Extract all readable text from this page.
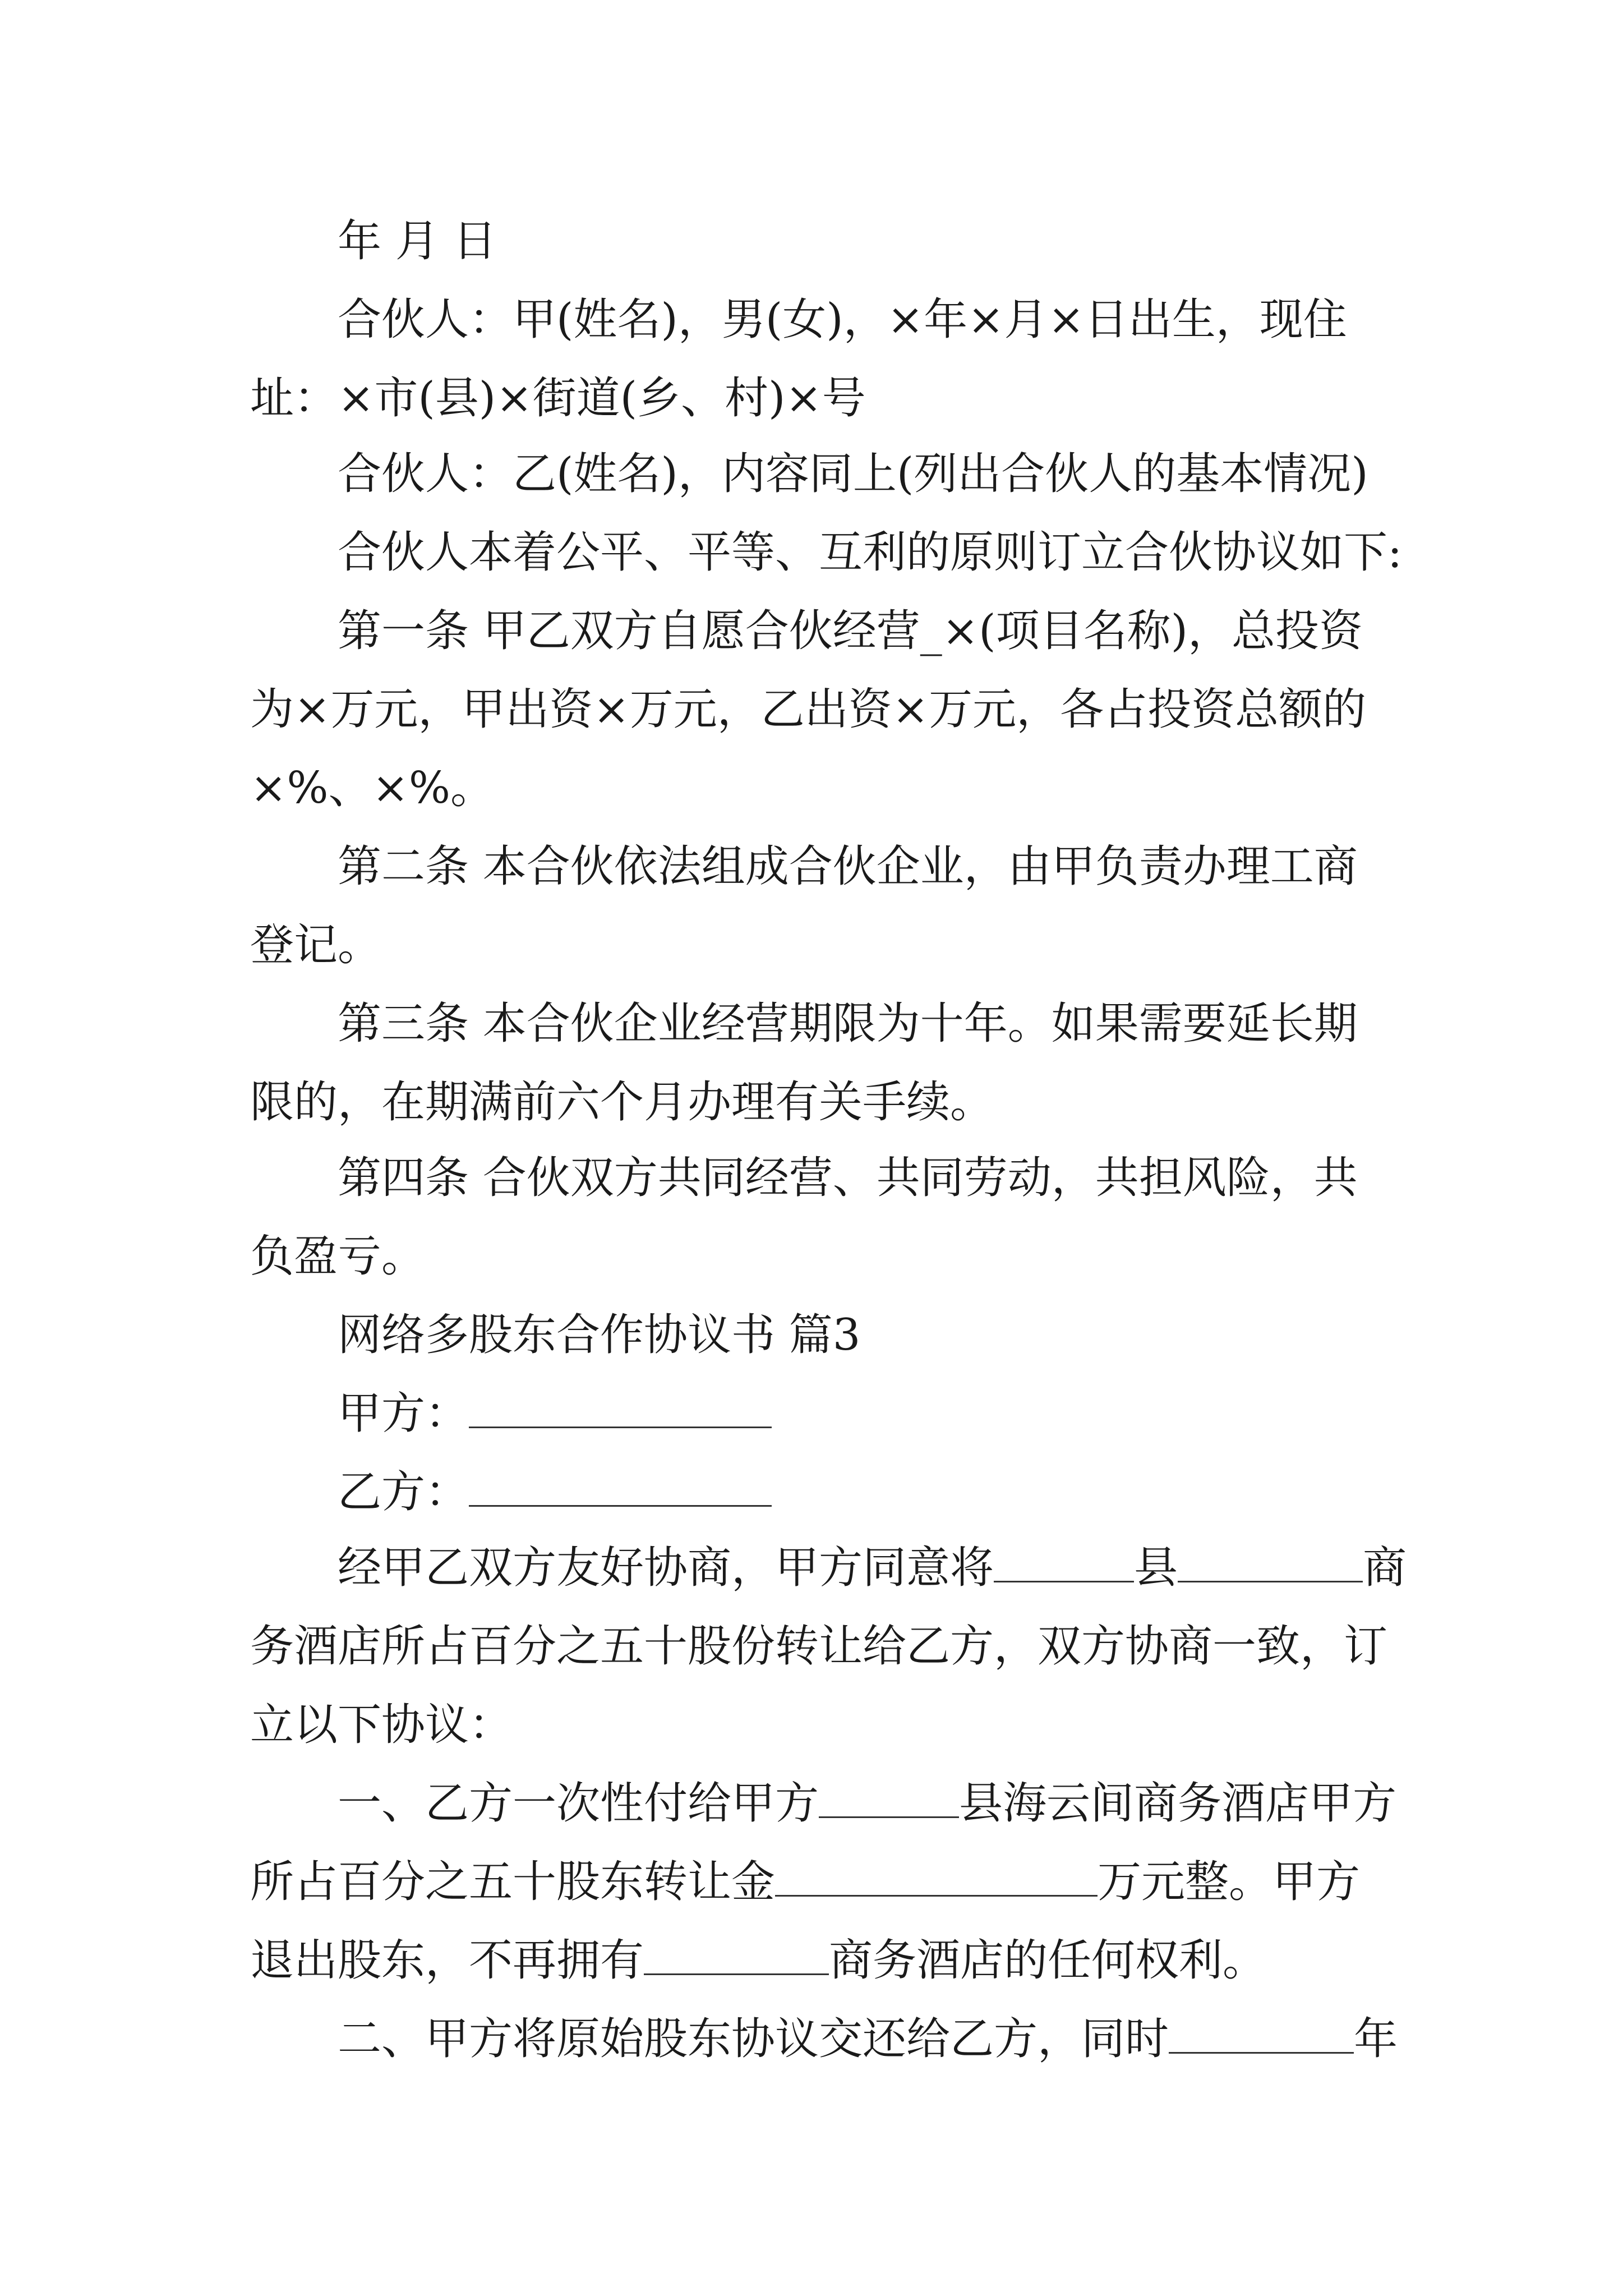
年 月 日
合伙人：甲(姓名)，男(女)，×年×月×日出生，现住
址：×市(县)×街道(乡、村)×号
合伙人：乙(姓名)，内容同上(列出合伙人的基本情况)
合伙人本着公平、平等、互利的原则订立合伙协议如下:
第一条 甲乙双方自愿合伙经营_×(项目名称)，总投资
为×万元，甲出资×万元，乙出资×万元，各占投资总额的
×%、×%。
第二条 本合伙依法组成合伙企业，由甲负责办理工商
登记。
第三条 本合伙企业经营期限为十年。如果需要延长期
限的，在期满前六个月办理有关手续。
第四条 合伙双方共同经营、共同劳动，共担风险，共
负盈亏。
网络多股东合作协议书 篇3
甲方：
乙方：
经甲乙双方友好协商，甲方同意将	县	商
务酒店所占百分之五十股份转让给乙方，双方协商一致，订
立以下协议：
一、乙方一次性付给甲方	县海云间商务酒店甲方
所占百分之五十股东转让金	万元整。甲方
退出股东，不再拥有	商务酒店的任何权利。
二、甲方将原始股东协议交还给乙方，同时	年
